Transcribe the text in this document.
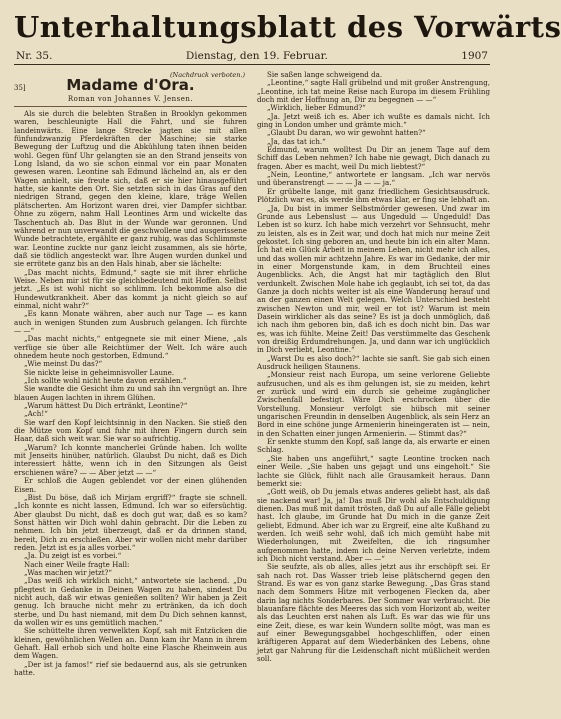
Unterhaltungsblatt des Vorwärts
Nr. 35.	Dienstag, den 19. Februar.	1907
(Nachdruck verboten.)
35]	Madame d'Ora.
Roman von Johannes V. Jensen.

Als sie durch die belebten Straßen in Brooklyn gekommen waren, beschleunigte Hall die Fahrt, und sie fuhren landeinwärts. Eine lange Strecke jagten sie mit allen fünfundzwanzig Pferdekräften der Maschine; sie starke Bewegung der Luftzug und die Abkühlung taten ihnen beiden wohl. Gegen fünf Uhr gelangten sie an den Strand jenseits von Long Island, da wo sie schon einmal vor ein paar Monaten gewesen waren. Leontine sah Edmund lächelnd an, als er den Wagen anhielt, sie freute sich, daß er sie hier hinausgeführt hatte, sie kannte den Ort. Sie setzten sich in das Gras auf den niedrigen Strand, gegen den kleine, klare, träge Wellen plätscherten. Am Horizont waren drei, vier Dampfer sichtbar. Ohne zu zögern, nahm Hall Leontines Arm und wickelte das Taschentuch ab. Das Blut in der Wunde war geronnen. Und während er nun unverwandt die geschwollene und ausgerissene Wunde betrachtete, ergählte er ganz ruhig, was das Schlimmste war. Leontine zuckte nur ganz leicht zusammen, als sie hörte, daß sie tödlich angesteckt war. Ihre Augen wurden dunkel und sie errötete ganz bis an den Hals hinab, aber sie lächelte:

„Das macht nichts, Edmund,“ sagte sie mit ihrer ehrliche Weise. Neben mir ist für sie gleichbedeutend mit Hoffen. Selbst jetzt. „Es ist wohl nicht so schlimm. Ich bekomme also die Hundewutkrankheit. Aber das kommt ja nicht gleich so auf einmal, nicht wahr?“

„Es kann Monate währen, aber auch nur Tage — es kann auch in wenigen Stunden zum Ausbruch gelangen. Ich fürchte — —“

„Das macht nichts,“ entgegnete sie mit einer Miene, „als verfüge sie über alle Reichtümer der Welt. Ich wäre auch ohnedem heute noch gestorben, Edmund.“

„Wie meinst Du das?“

Sie nickte leise in geheimnisvoller Laune.

„Ich sollte wohl nicht heute davon erzählen.“

Sie wandte die Gesicht ihm zu und sah ihn vergnügt an. Ihre blauen Augen lachten in ihrem Glühen.

„Warum hättest Du Dich ertränkt, Leontine?“

„Ach!“

Sie warf den Kopf leichtsinnig in den Nacken. Sie stieß den die Mütze vom Kopf und fuhr mit ihren Fingern durch sein Haar, daß sich weit war. Sie war so aufrichtig.

„Warum? Ich konnte mancherlei Gründe haben. Ich wollte mit Jenseits hinüber, natürlich. Glaubst Du nicht, daß es Dich interessiert hätte, wenn ich in den Sitzungen als Geist erschienen wäre? — — Aber jetzt — —“

Er schloß die Augen geblendet vor der einen glühenden Eisen.

„Bist Du böse, daß ich Mirjam ergriff?“ fragte sie schnell. „Ich konnte es nicht lassen, Edmund. Ich war so eifersüchtig. Aber glaubst Du nicht, daß es doch gut war, daß es so kam? Sonst hätten wir Dich wohl dahin gebracht. Dir die Leben zu nehmen. Ich bin jetzt überzeugt, daß er da drinnen stand, bereit, Dich zu erschießen. Aber wir wollen nicht mehr darüber reden. Jetzt ist es ja alles vorbei.“

„Ja. Du zeigt ist es vorbei.“

Nach einer Weile fragte Hall:

„Was machen wir jetzt?“

„Das weiß ich wirklich nicht,“ antwortete sie lachend. „Du pflegtest in Gedanke in Deinen Wagen zu haben, sindest Du nicht auch, daß wir etwas genießen sollten? Wir haben ja Zeit genug. Ich brauche nicht mehr zu ertränken, da ich doch sterbe, und Du hast niemand, mit dem Du Dich sehnen kannst, da wollen wir es uns gemütlich machen.“

Sie schüttelte ihren verwelkten Kopf, sah mit Entzücken die kleinen, gewöhnlichen Wellen an. Dann kam ihr Mann in ihrem Gehaft. Hall erhob sich und holte eine Flasche Rheinwein aus dem Wagen.

„Der ist ja famos!“ rief sie bedauernd aus, als sie getrunken hatte.

Sie saßen lange schweigend da.

„Leontine,“ sagte Hall grübelnd und mit großer Anstrengung, „Leontine, ich tat meine Reise nach Europa im diesem Frühling doch mit der Hoffnung an, Dir zu begegnen — —“

„Wirklich, lieber Edmund?“

„Ja. Jetzt weiß ich es. Aber ich wußte es damals nicht. Ich ging in London umher und grämte mich.“

„Glaubt Du daran, wo wir gewohnt hatten?“

„Ja, das tat ich.“

Edmund, warum wolltest Du Dir an jenem Tage auf dem Schiff das Leben nehmen? Ich habe nie gewagt, Dich danach zu fragen. Aber es macht, weil Du mich liebtest?“

„Nein, Leontine,“ antwortete er langsam. „Ich war nervös und überanstrengt — — — Ja — — ja.“

Er grübelte lange, mit ganz friedlichem Gesichtsausdruck. Plötzlich war es, als werde ihm etwas klar, er fing sie lebhaft an.

„Ja, Du bist in immer Selbstmörder gewesen. Und zwar im Grunde aus Lebenslust — aus Ungeduld — Ungeduld! Das Leben ist so kurz. Ich habe mich verzehrt vor Sehnsucht, mehr zu leisten, als es in Zeit war, und doch hat mich nur meine Zeit gekostet. Ich sing geboren an, und heute bin ich ein alter Mann. Ich hat ein Glück Arbeit in meinem Leben, nicht mehr ich alles, und das wollen mir achtzehn Jahre. Es war im Gedanke, der mir in einer Morgenstunde kam, in dem Bruchteil eines Augenblicks. Ach, die Angst hat mir tagtäglich den Blut verdunkelt. Zwischen Mole habe ich geglaubt, ich sei tot, da das Ganze ja doch nichts weiter ist als eine Wanderung herauf und an der ganzen einen Welt gelegen. Welch Unterschied besteht zwischen Newton und mir, weil er tot ist? Warum ist mein Dasein wirklicher als das seine? Es ist ja doch unmöglich, daß ich nach ihm geboren bin, daß ich es doch nicht bin. Das war es, was ich fühlte. Meine Zeit! Das verstümmelte das Geschenk von dreißig Erdumdrehungen. Ja, und dann war ich unglücklich in Dich verliebt, Leontine.“

„Warst Du es also doch?“ lachte sie sanft. Sie gab sich einen Ausdruck heiligen Staunens.

„Monsieur reist nach Europa, um seine verlorene Geliebte aufzusuchen, und als es ihm gelungen ist, sie zu meiden, kehrt er zurück und wird ein durch sie geheime zugänglicher Zwischenfall befestigt. Wäre Dich erschrocken über die Vorstellung. Monsieur verfolgt sie hübsch mit seiner ungarischen Freundin in denselben Augenblick, als sein Herz an Bord in eine schöne junge Armenierin hineingeraten ist — nein, in den Schatten einer jungen Armenierin. — Stimmt das?“

Er senkte stumm den Kopf, saß lange da, als erwarte er einen Schlag.

„Sie haben uns angeführt,“ sagte Leontine trocken nach einer Weile. „Sie haben uns gejagt und uns eingeholt.“ Sie lachte sie Glück, fühlt nach alle Grausamkeit heraus. Dann bemerkt sie:

„Gott weiß, ob Du jemals etwas anderes geliebt hast, als daß sie nackend war! Ja, ja! Das muß Dir wohl als Entschuldigung dienen. Das muß mit damit trösten, daß Du auf alle Fälle geliebt hast. Ich glaube, im Grunde hat Du mich in die ganze Zeit geliebt, Edmund. Aber ich war zu Ergreif, eine alte Kußhand zu werden. Ich weiß sehr wohl, daß ich mich gemüht habe mit Wiederholungen, mit Zweifelten, die ich ringsumher aufgenommen hatte, indem ich deine Nerven verletzte, indem ich Dich nicht verstand. Aber — —“

Sie seufzte, als ob alles, alles jetzt aus ihr erschöpft sei. Er sah nach rot. Das Wasser trieb leise plätschernd gegen den Strand. Es war es von ganz starke Bewegung. „Das Gras stand nach dem Sommers Hitze mit verbogenen Flecken da, aber darin lag nichts Sonderbares. Der Sommer war verbraucht. Die blauanfare flächte des Meeres das sich vom Horizont ab, weiter als das Leuchten erst nahen als Luft. Es war das wie für uns eine Zeit, diese, es war kein Wundern sollte mögt, was man es auf einer Bewegungsgabbel hochgeschliffen, oder einen kräftigeren Apparat auf dem Wiederbänken des Lebens, ohne jetzt gar Nahrung für die Leidenschaft nicht müßlicheit werden soll.
